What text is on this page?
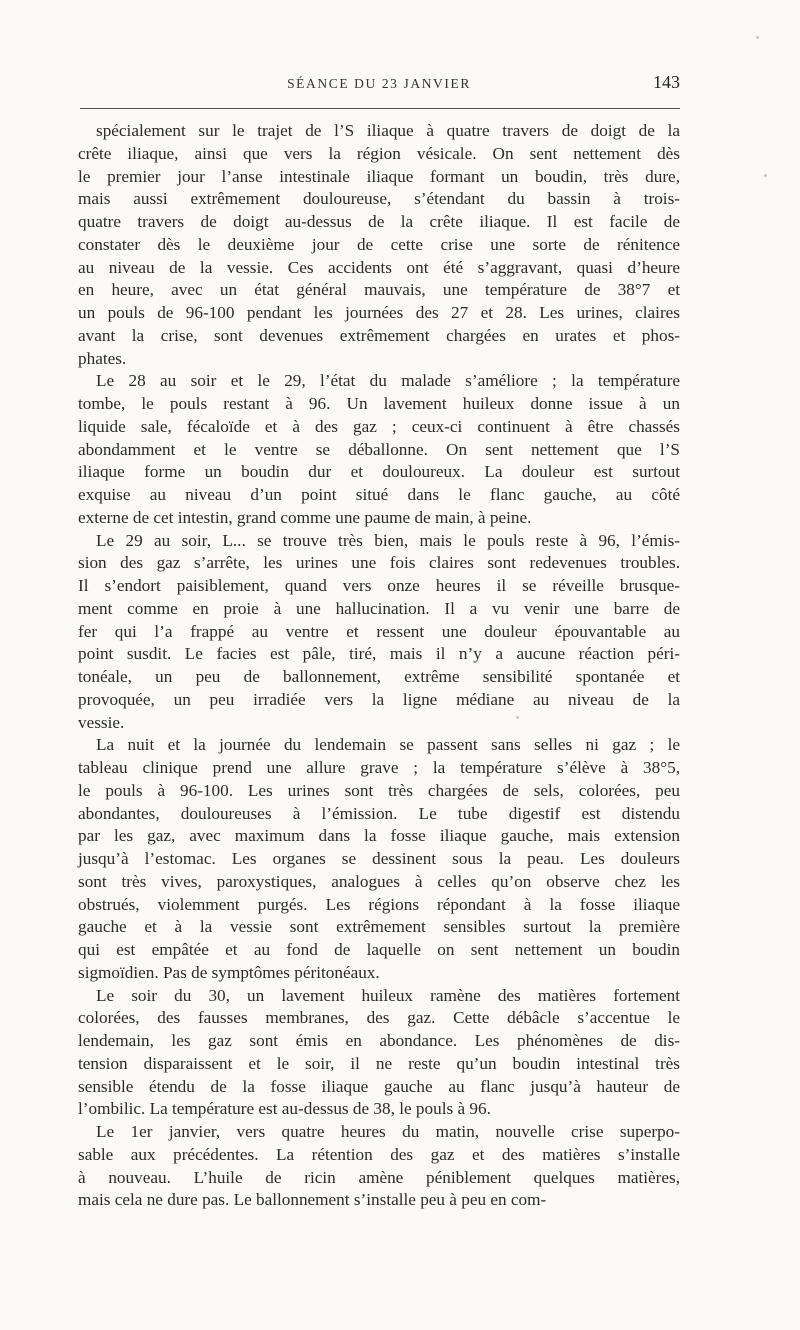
SÉANCE DU 23 JANVIER	143

spécialement sur le trajet de l’S iliaque à quatre travers de doigt de la
crête iliaque, ainsi que vers la région vésicale. On sent nettement dès
le premier jour l’anse intestinale iliaque formant un boudin, très dure,
mais aussi extrêmement douloureuse, s’étendant du bassin à trois-
quatre travers de doigt au-dessus de la crête iliaque. Il est facile de
constater dès le deuxième jour de cette crise une sorte de rénitence
au niveau de la vessie. Ces accidents ont été s’aggravant, quasi d’heure
en heure, avec un état général mauvais, une température de 38°7 et
un pouls de 96-100 pendant les journées des 27 et 28. Les urines, claires
avant la crise, sont devenues extrêmement chargées en urates et phos-
phates.

Le 28 au soir et le 29, l’état du malade s’améliore ; la température
tombe, le pouls restant à 96. Un lavement huileux donne issue à un
liquide sale, fécaloïde et à des gaz ; ceux-ci continuent à être chassés
abondamment et le ventre se déballonne. On sent nettement que l’S
iliaque forme un boudin dur et douloureux. La douleur est surtout
exquise au niveau d’un point situé dans le flanc gauche, au côté
externe de cet intestin, grand comme une paume de main, à peine.

Le 29 au soir, L... se trouve très bien, mais le pouls reste à 96, l’émis-
sion des gaz s’arrête, les urines une fois claires sont redevenues troubles.
Il s’endort paisiblement, quand vers onze heures il se réveille brusque-
ment comme en proie à une hallucination. Il a vu venir une barre de
fer qui l’a frappé au ventre et ressent une douleur épouvantable au
point susdit. Le facies est pâle, tiré, mais il n’y a aucune réaction péri-
tonéale, un peu de ballonnement, extrême sensibilité spontanée et
provoquée, un peu irradiée vers la ligne médiane au niveau de la
vessie.

La nuit et la journée du lendemain se passent sans selles ni gaz ; le
tableau clinique prend une allure grave ; la température s’élève à 38°5,
le pouls à 96-100. Les urines sont très chargées de sels, colorées, peu
abondantes, douloureuses à l’émission. Le tube digestif est distendu
par les gaz, avec maximum dans la fosse iliaque gauche, mais extension
jusqu’à l’estomac. Les organes se dessinent sous la peau. Les douleurs
sont très vives, paroxystiques, analogues à celles qu’on observe chez les
obstrués, violemment purgés. Les régions répondant à la fosse iliaque
gauche et à la vessie sont extrêmement sensibles surtout la première
qui est empâtée et au fond de laquelle on sent nettement un boudin
sigmoïdien. Pas de symptômes péritonéaux.

Le soir du 30, un lavement huileux ramène des matières fortement
colorées, des fausses membranes, des gaz. Cette débâcle s’accentue le
lendemain, les gaz sont émis en abondance. Les phénomènes de dis-
tension disparaissent et le soir, il ne reste qu’un boudin intestinal très
sensible étendu de la fosse iliaque gauche au flanc jusqu’à hauteur de
l’ombilic. La température est au-dessus de 38, le pouls à 96.

Le 1er janvier, vers quatre heures du matin, nouvelle crise superpo-
sable aux précédentes. La rétention des gaz et des matières s’installe
à nouveau. L’huile de ricin amène péniblement quelques matières,
mais cela ne dure pas. Le ballonnement s’installe peu à peu en com-
